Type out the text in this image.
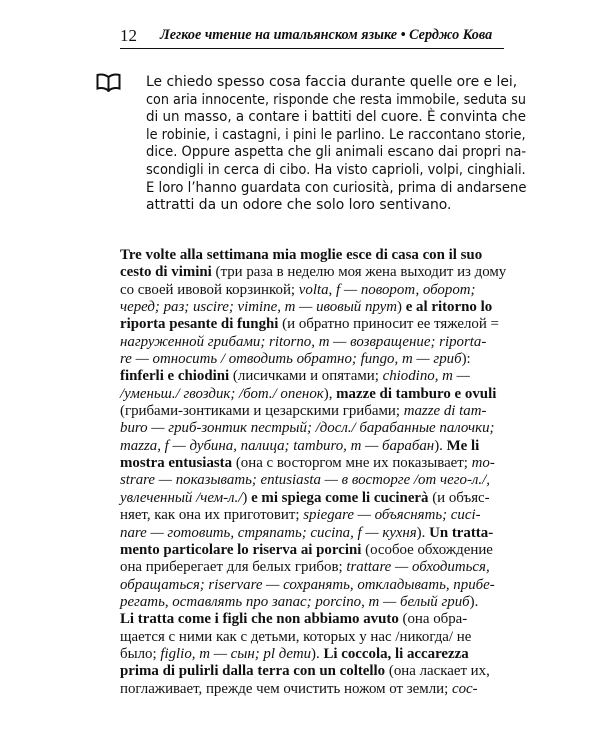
12 Легкое чтение на итальянском языке • Серджо Кова
Le chiedo spesso cosa faccia durante quelle ore e lei,
con aria innocente, risponde che resta immobile, seduta su
di un masso, a contare i battiti del cuore. È convinta che
le robinie, i castagni, i pini le parlino. Le raccontano storie,
dice. Oppure aspetta che gli animali escano dai propri na-
scondigli in cerca di cibo. Ha visto caprioli, volpi, cinghiali.
E loro l’hanno guardata con curiosità, prima di andarsene
attratti da un odore che solo loro sentivano.
Tre volte alla settimana mia moglie esce di casa con il suo
cesto di vimini (три раза в неделю моя жена выходит из дому
со своей ивовой корзинкой; volta, f — поворот, оборот;
черед; раз; uscire; vimine, m — ивовый прут) e al ritorno lo
riporta pesante di funghi (и обратно приносит ее тяжелой =
нагруженной грибами; ritorno, m — возвращение; riporta-
re — относить / отводить обратно; fungo, m — гриб):
finferli e chiodini (лисичками и опятами; chiodino, m —
/уменьш./ гвоздик; /бот./ опенок), mazze di tamburo e ovuli
(грибами-зонтиками и цезарскими грибами; mazze di tam-
buro — гриб-зонтик пестрый; /досл./ барабанные палочки;
mazza, f — дубина, палица; tamburo, m — барабан). Me li
mostra entusiasta (она с восторгом мне их показывает; mo-
strare — показывать; entusiasta — в восторге /от чего-л./,
увлеченный /чем-л./) e mi spiega come li cucinerà (и объяс-
няет, как она их приготовит; spiegare — объяснять; cuci-
nare — готовить, стряпать; cucina, f — кухня). Un tratta-
mento particolare lo riserva ai porcini (особое обхождение
она приберегает для белых грибов; trattare — обходиться,
обращаться; riservare — сохранять, откладывать, прибе-
регать, оставлять про запас; porcino, m — белый гриб).
Li tratta come i figli che non abbiamo avuto (она обра-
щается с ними как с детьми, которых у нас /никогда/ не
было; figlio, m — сын; pl дети). Li coccola, li accarezza
prima di pulirli dalla terra con un coltello (она ласкает их,
поглаживает, прежде чем очистить ножом от земли; coc-
